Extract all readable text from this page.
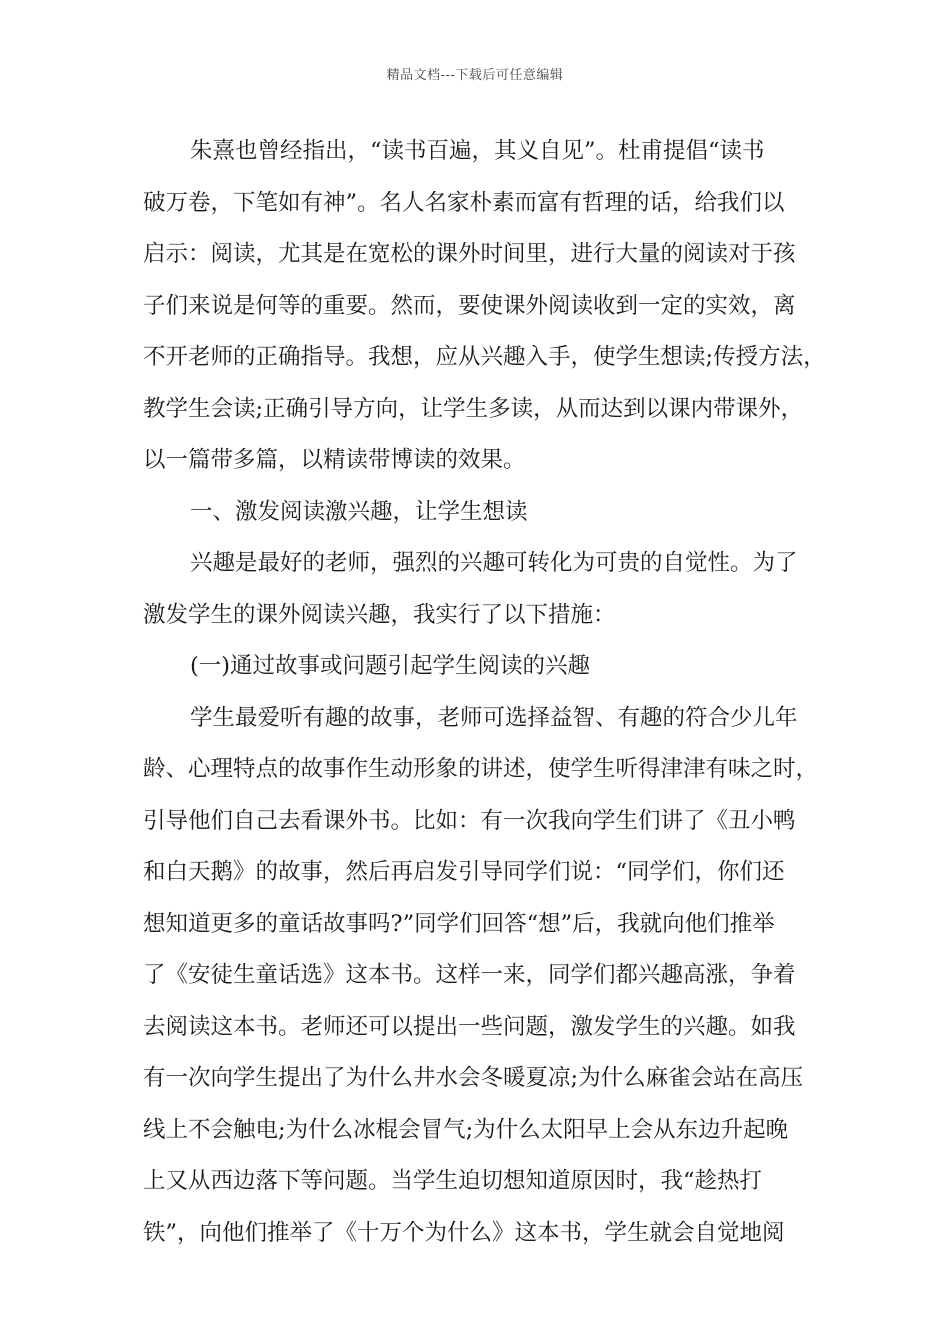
精品文档---下载后可任意编辑
朱熹也曾经指出，“读书百遍，其义自见”。杜甫提倡“读书
破万卷，下笔如有神”。名人名家朴素而富有哲理的话，给我们以
启示：阅读，尤其是在宽松的课外时间里，进行大量的阅读对于孩
子们来说是何等的重要。然而，要使课外阅读收到一定的实效，离
不开老师的正确指导。我想，应从兴趣入手，使学生想读;传授方法，
教学生会读;正确引导方向，让学生多读，从而达到以课内带课外，
以一篇带多篇，以精读带博读的效果。
一、激发阅读激兴趣，让学生想读
兴趣是最好的老师，强烈的兴趣可转化为可贵的自觉性。为了
激发学生的课外阅读兴趣，我实行了以下措施：
(一)通过故事或问题引起学生阅读的兴趣
学生最爱听有趣的故事，老师可选择益智、有趣的符合少儿年
龄、心理特点的故事作生动形象的讲述，使学生听得津津有味之时，
引导他们自己去看课外书。比如：有一次我向学生们讲了《丑小鸭
和白天鹅》的故事，然后再启发引导同学们说：“同学们，你们还
想知道更多的童话故事吗?”同学们回答“想”后，我就向他们推举
了《安徒生童话选》这本书。这样一来，同学们都兴趣高涨，争着
去阅读这本书。老师还可以提出一些问题，激发学生的兴趣。如我
有一次向学生提出了为什么井水会冬暖夏凉;为什么麻雀会站在高压
线上不会触电;为什么冰棍会冒气;为什么太阳早上会从东边升起晚
上又从西边落下等问题。当学生迫切想知道原因时，我“趁热打
铁”，向他们推举了《十万个为什么》这本书，学生就会自觉地阅
